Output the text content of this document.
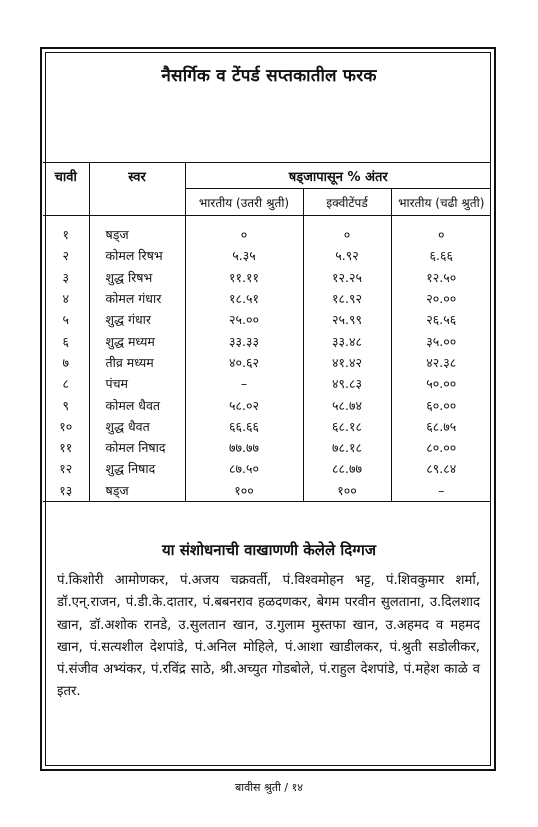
नैसर्गिक व टेंपर्ड सप्तकातील फरक
चावी	स्वर	षड्जापासून % अंतर		
		भारतीय (उतरी श्रुती)	इक्वीटेंपर्ड	भारतीय (चढी श्रुती)
१	षड्ज	०	०	०
२	कोमल रिषभ	५.३५	५.९२	६.६६
३	शुद्ध रिषभ	११.११	१२.२५	१२.५०
४	कोमल गंधार	१८.५१	१८.९२	२०.००
५	शुद्ध गंधार	२५.००	२५.९९	२६.५६
६	शुद्ध मध्यम	३३.३३	३३.४८	३५.००
७	तीव्र मध्यम	४०.६२	४१.४२	४२.३८
८	पंचम	–	४९.८३	५०.००
९	कोमल धैवत	५८.०२	५८.७४	६०.००
१०	शुद्ध धैवत	६६.६६	६८.१८	६८.७५
११	कोमल निषाद	७७.७७	७८.१८	८०.००
१२	शुद्ध निषाद	८७.५०	८८.७७	८९.८४
१३	षड्ज	१००	१००	–
या संशोधनाची वाखाणणी केलेले दिग्गज
पं.किशोरी आमोणकर, पं.अजय चक्रवर्ती, पं.विश्वमोहन भट्ट, पं.शिवकुमार शर्मा, डॉ.एन्.राजन, पं.डी.के.दातार, पं.बबनराव हळदणकर, बेगम परवीन सुलताना, उ.दिलशाद खान, डॉ.अशोक रानडे, उ.सुलतान खान, उ.गुलाम मुस्तफा खान, उ.अहमद व महमद खान, पं.सत्यशील देशपांडे, पं.अनिल मोहिले, पं.आशा खाडीलकर, पं.श्रुती सडोलीकर, पं.संजीव अभ्यंकर, पं.रविंद्र साठे, श्री.अच्युत गोडबोले, पं.राहुल देशपांडे, पं.महेश काळे व इतर.
बावीस श्रुती / १४
